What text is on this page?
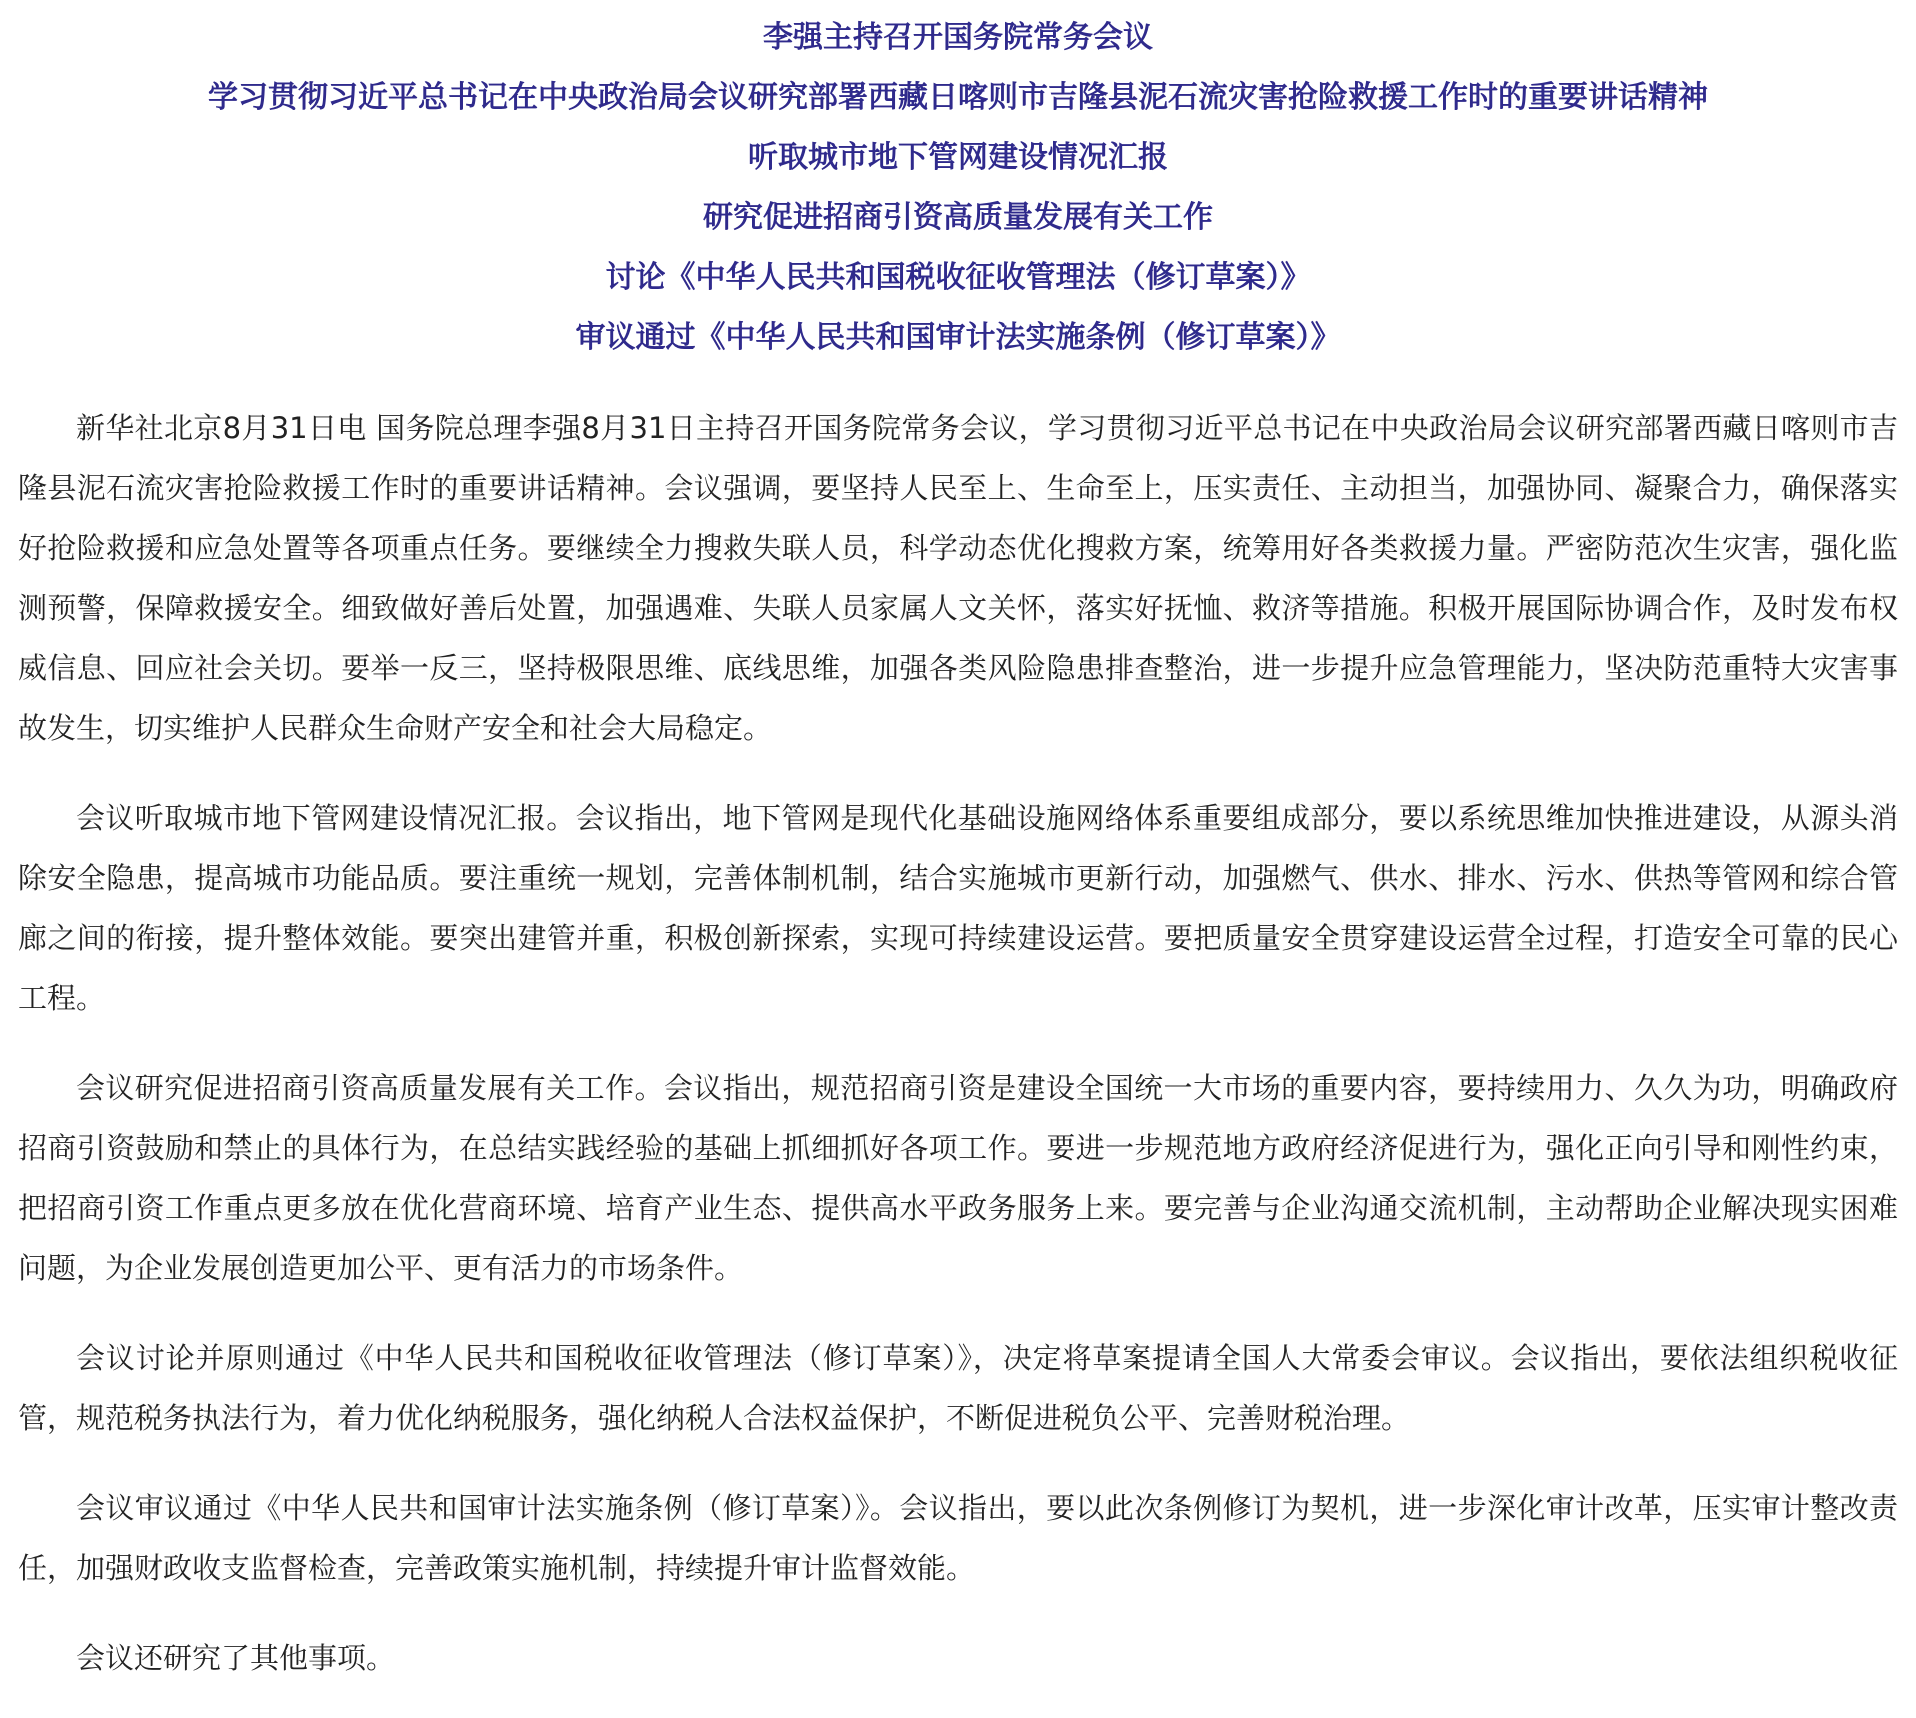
李强主持召开国务院常务会议
学习贯彻习近平总书记在中央政治局会议研究部署西藏日喀则市吉隆县泥石流灾害抢险救援工作时的重要讲话精神
听取城市地下管网建设情况汇报
研究促进招商引资高质量发展有关工作
讨论《中华人民共和国税收征收管理法（修订草案）》
审议通过《中华人民共和国审计法实施条例（修订草案）》

新华社北京8月31日电 国务院总理李强8月31日主持召开国务院常务会议，学习贯彻习近平总书记在中央政治局会议研究部署西藏日喀则市吉隆县泥石流灾害抢险救援工作时的重要讲话精神。会议强调，要坚持人民至上、生命至上，压实责任、主动担当，加强协同、凝聚合力，确保落实好抢险救援和应急处置等各项重点任务。要继续全力搜救失联人员，科学动态优化搜救方案，统筹用好各类救援力量。严密防范次生灾害，强化监测预警，保障救援安全。细致做好善后处置，加强遇难、失联人员家属人文关怀，落实好抚恤、救济等措施。积极开展国际协调合作，及时发布权威信息、回应社会关切。要举一反三，坚持极限思维、底线思维，加强各类风险隐患排查整治，进一步提升应急管理能力，坚决防范重特大灾害事故发生，切实维护人民群众生命财产安全和社会大局稳定。

会议听取城市地下管网建设情况汇报。会议指出，地下管网是现代化基础设施网络体系重要组成部分，要以系统思维加快推进建设，从源头消除安全隐患，提高城市功能品质。要注重统一规划，完善体制机制，结合实施城市更新行动，加强燃气、供水、排水、污水、供热等管网和综合管廊之间的衔接，提升整体效能。要突出建管并重，积极创新探索，实现可持续建设运营。要把质量安全贯穿建设运营全过程，打造安全可靠的民心工程。

会议研究促进招商引资高质量发展有关工作。会议指出，规范招商引资是建设全国统一大市场的重要内容，要持续用力、久久为功，明确政府招商引资鼓励和禁止的具体行为，在总结实践经验的基础上抓细抓好各项工作。要进一步规范地方政府经济促进行为，强化正向引导和刚性约束，把招商引资工作重点更多放在优化营商环境、培育产业生态、提供高水平政务服务上来。要完善与企业沟通交流机制，主动帮助企业解决现实困难问题，为企业发展创造更加公平、更有活力的市场条件。

会议讨论并原则通过《中华人民共和国税收征收管理法（修订草案）》，决定将草案提请全国人大常委会审议。会议指出，要依法组织税收征管，规范税务执法行为，着力优化纳税服务，强化纳税人合法权益保护，不断促进税负公平、完善财税治理。

会议审议通过《中华人民共和国审计法实施条例（修订草案）》。会议指出，要以此次条例修订为契机，进一步深化审计改革，压实审计整改责任，加强财政收支监督检查，完善政策实施机制，持续提升审计监督效能。

会议还研究了其他事项。
